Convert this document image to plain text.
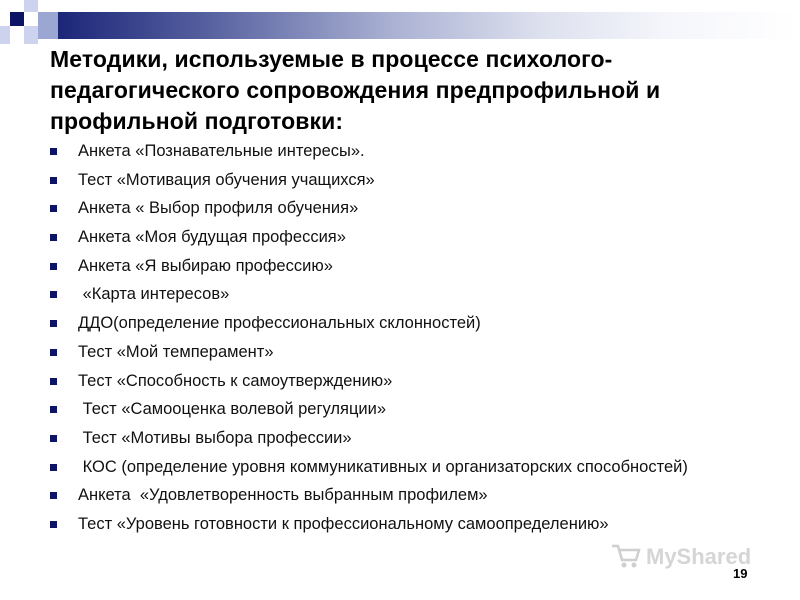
Методики, используемые в процессе психолого-педагогического сопровождения предпрофильной и профильной подготовки:
Анкета «Познавательные интересы».
Тест «Мотивация обучения учащихся»
Анкета « Выбор профиля обучения»
Анкета «Моя будущая профессия»
Анкета «Я выбираю профессию»
«Карта интересов»
ДДО(определение профессиональных склонностей)
Тест «Мой темперамент»
Тест «Способность к самоутверждению»
Тест «Самооценка волевой регуляции»
Тест «Мотивы выбора профессии»
КОС (определение уровня коммуникативных и организаторских способностей)
Анкета  «Удовлетворенность выбранным профилем»
Тест «Уровень готовности к профессиональному самоопределению»
MyShared
19
